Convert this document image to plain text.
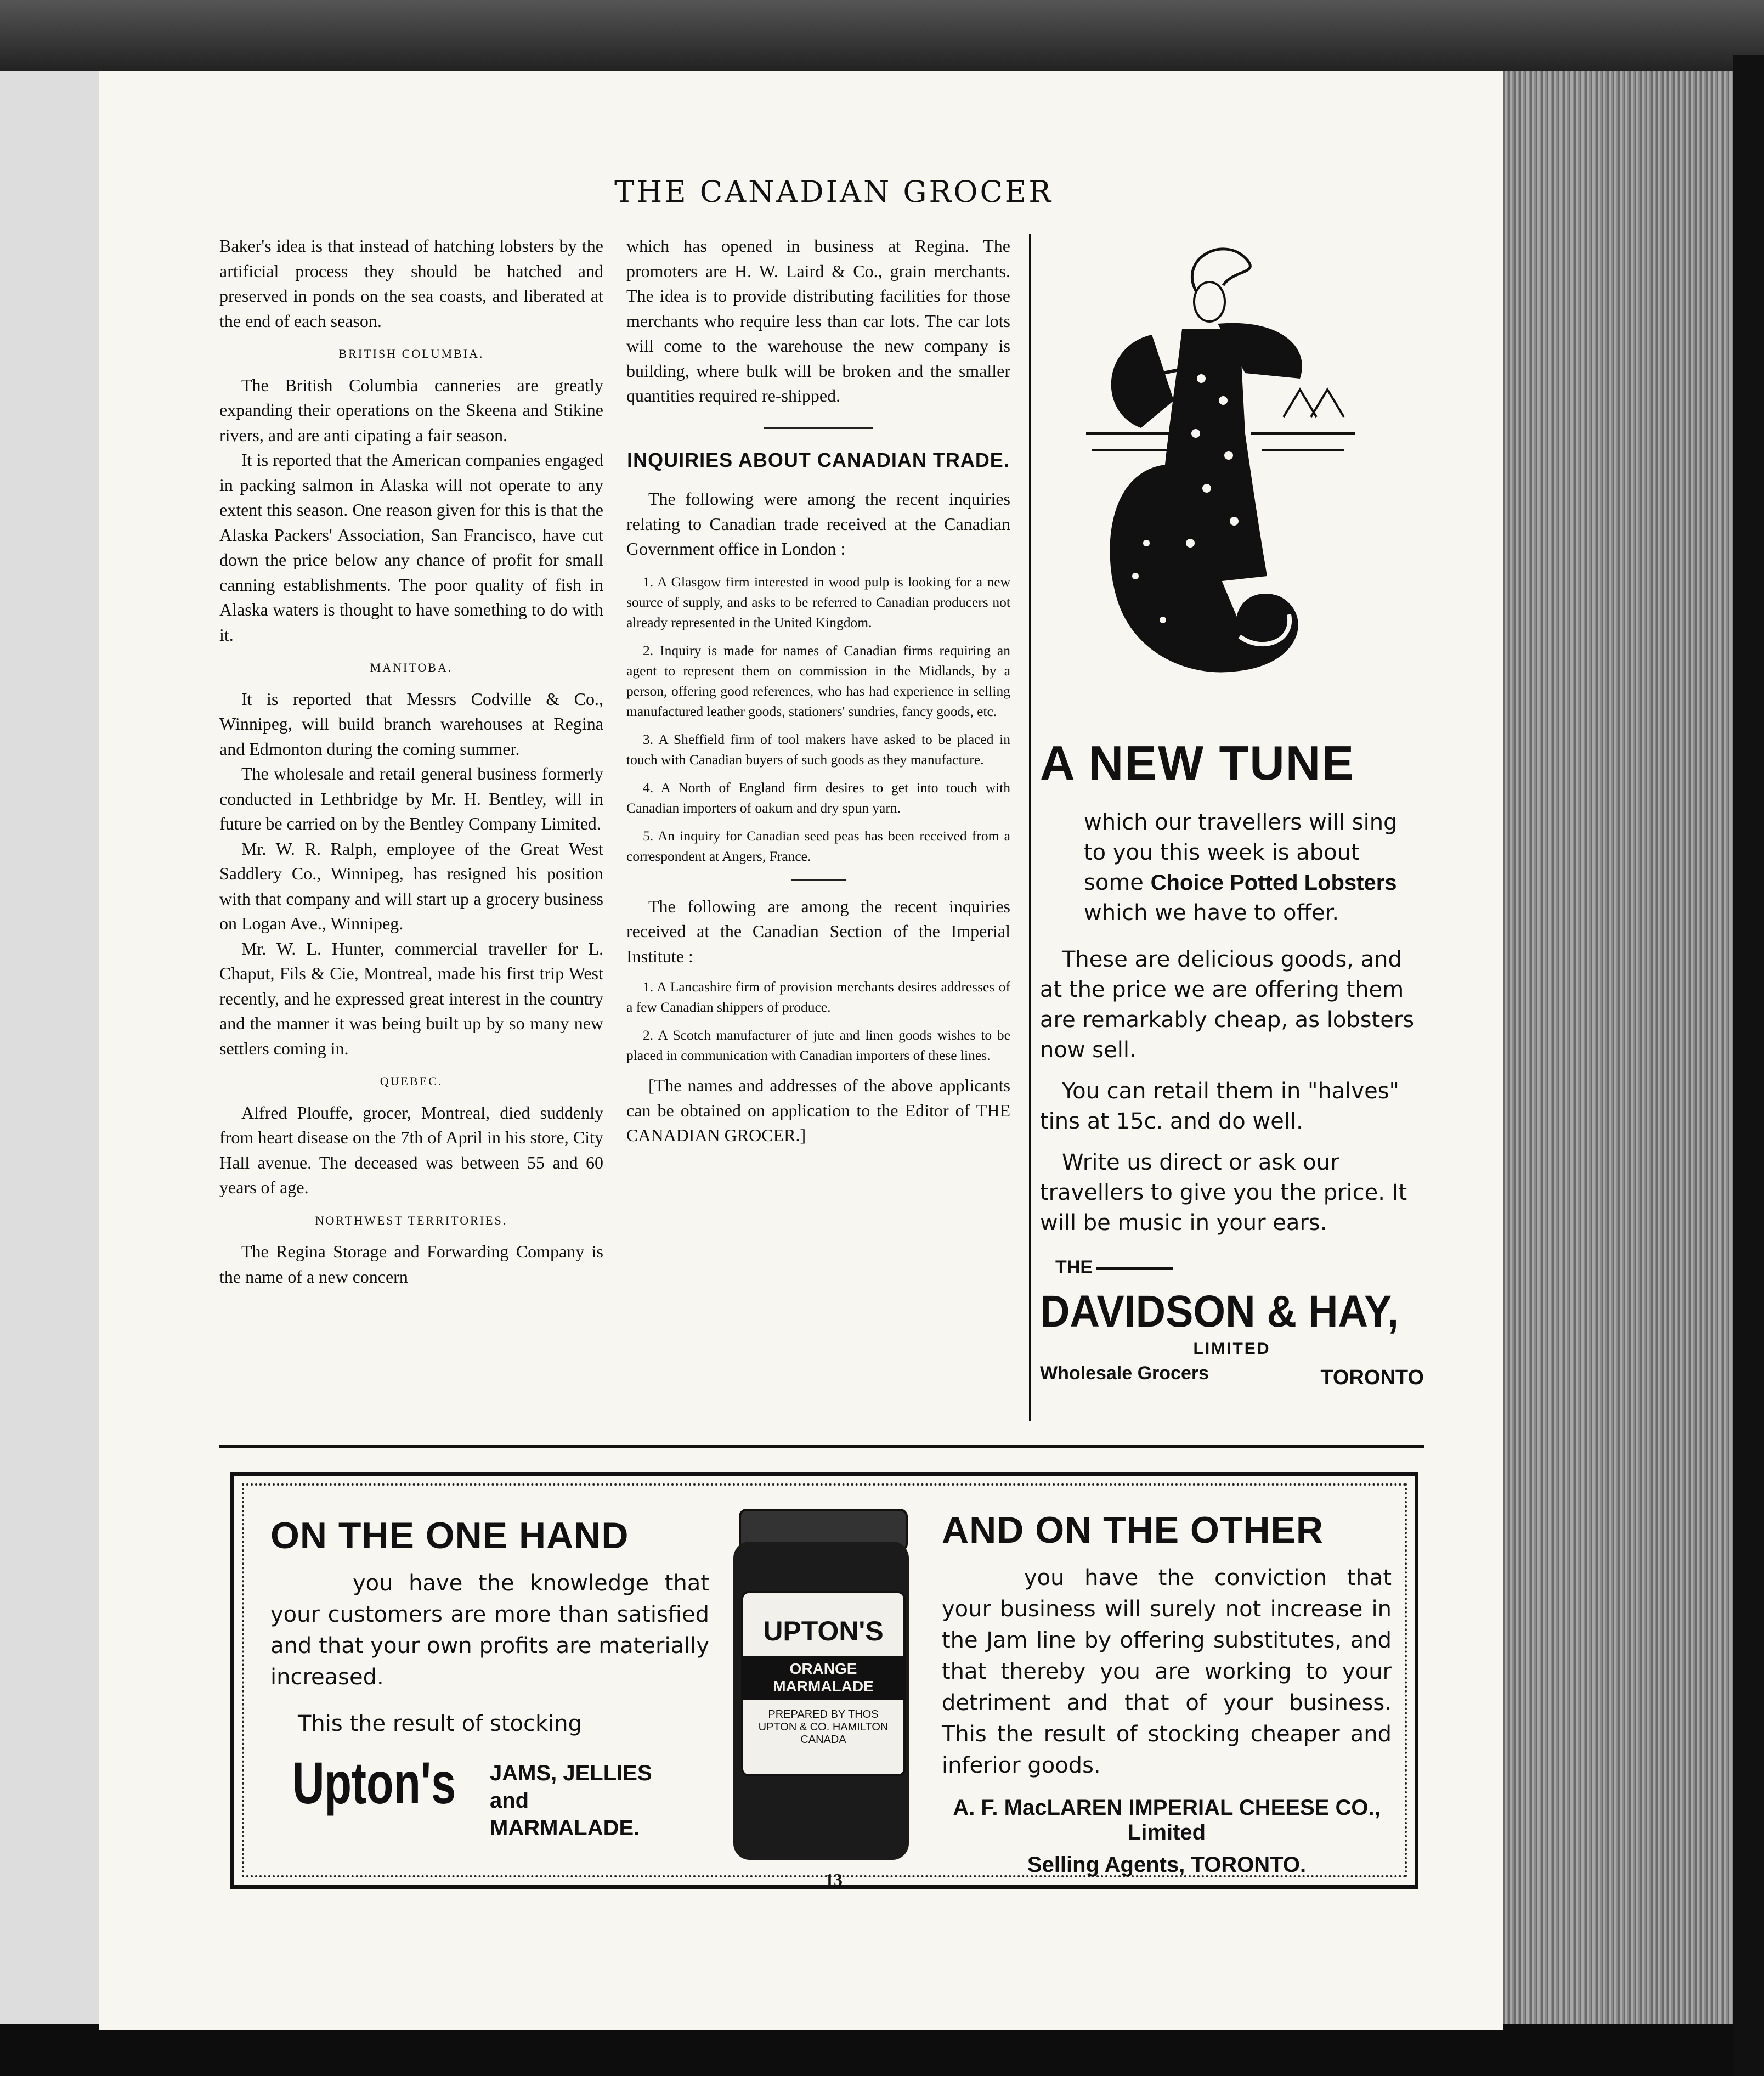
THE CANADIAN GROCER

Baker's idea is that instead of hatching lobsters by the artificial process they should be hatched and preserved in ponds on the sea coasts, and liberated at the end of each season.

BRITISH COLUMBIA.

The British Columbia canneries are greatly expanding their operations on the Skeena and Stikine rivers, and are anti cipating a fair season.

It is reported that the American companies engaged in packing salmon in Alaska will not operate to any extent this season. One reason given for this is that the Alaska Packers' Association, San Francisco, have cut down the price below any chance of profit for small canning establishments. The poor quality of fish in Alaska waters is thought to have something to do with it.

MANITOBA.

It is reported that Messrs Codville & Co., Winnipeg, will build branch warehouses at Regina and Edmonton during the coming summer.

The wholesale and retail general business formerly conducted in Lethbridge by Mr. H. Bentley, will in future be carried on by the Bentley Company Limited.

Mr. W. R. Ralph, employee of the Great West Saddlery Co., Winnipeg, has resigned his position with that company and will start up a grocery business on Logan Ave., Winnipeg.

Mr. W. L. Hunter, commercial traveller for L. Chaput, Fils & Cie, Montreal, made his first trip West recently, and he expressed great interest in the country and the manner it was being built up by so many new settlers coming in.

QUEBEC.

Alfred Plouffe, grocer, Montreal, died suddenly from heart disease on the 7th of April in his store, City Hall avenue. The deceased was between 55 and 60 years of age.

NORTHWEST TERRITORIES.

The Regina Storage and Forwarding Company is the name of a new concern

which has opened in business at Regina. The promoters are H. W. Laird & Co., grain merchants. The idea is to provide distributing facilities for those merchants who require less than car lots. The car lots will come to the warehouse the new company is building, where bulk will be broken and the smaller quantities required re-shipped.

INQUIRIES ABOUT CANADIAN TRADE.

The following were among the recent inquiries relating to Canadian trade received at the Canadian Government office in London :

1. A Glasgow firm interested in wood pulp is looking for a new source of supply, and asks to be referred to Canadian producers not already represented in the United Kingdom.

2. Inquiry is made for names of Canadian firms requiring an agent to represent them on commission in the Midlands, by a person, offering good references, who has had experience in selling manufactured leather goods, stationers' sundries, fancy goods, etc.

3. A Sheffield firm of tool makers have asked to be placed in touch with Canadian buyers of such goods as they manufacture.

4. A North of England firm desires to get into touch with Canadian importers of oakum and dry spun yarn.

5. An inquiry for Canadian seed peas has been received from a correspondent at Angers, France.

The following are among the recent inquiries received at the Canadian Section of the Imperial Institute :

1. A Lancashire firm of provision merchants desires addresses of a few Canadian shippers of produce.

2. A Scotch manufacturer of jute and linen goods wishes to be placed in communication with Canadian importers of these lines.

[The names and addresses of the above applicants can be obtained on application to the Editor of THE CANADIAN GROCER.]

A NEW TUNE

which our travellers will sing to you this week is about some Choice Potted Lobsters which we have to offer.

These are delicious goods, and at the price we are offering them are remarkably cheap, as lobsters now sell.

You can retail them in "halves" tins at 15c. and do well.

Write us direct or ask our travellers to give you the price. It will be music in your ears.

THE
DAVIDSON & HAY,
LIMITED
Wholesale Grocers	TORONTO
ON THE ONE HAND
you have the knowledge that your customers are more than satisfied and that your own profits are materially increased.
This the result of stocking
Upton's JAMS, JELLIES and MARMALADE.
UPTON'S
ORANGE MARMALADE
PREPARED BY THOS UPTON & CO. HAMILTON CANADA
AND ON THE OTHER
you have the conviction that your business will surely not increase in the Jam line by offering substitutes, and that thereby you are working to your detriment and that of your business. This the result of stocking cheaper and inferior goods.
A. F. MacLAREN IMPERIAL CHEESE CO., Limited
Selling Agents, TORONTO.
13
